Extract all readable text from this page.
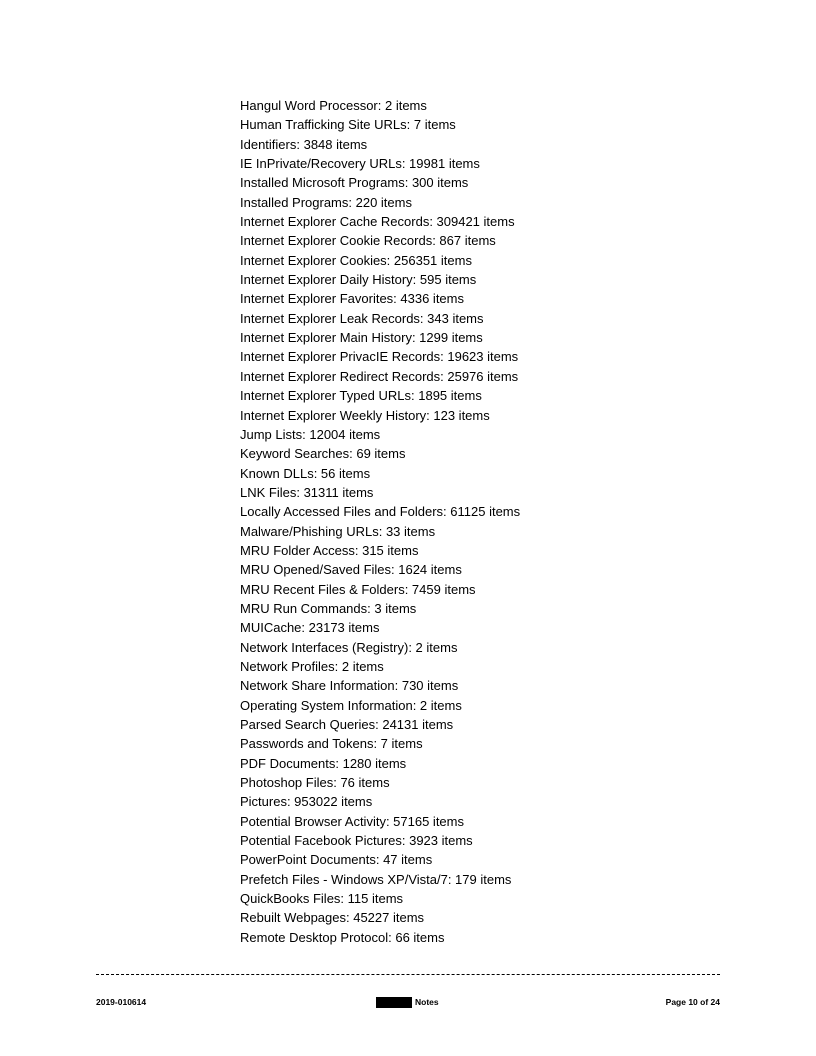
Hangul Word Processor: 2 items
Human Trafficking Site URLs: 7 items
Identifiers: 3848 items
IE InPrivate/Recovery URLs: 19981 items
Installed Microsoft Programs: 300 items
Installed Programs: 220 items
Internet Explorer Cache Records: 309421 items
Internet Explorer Cookie Records: 867 items
Internet Explorer Cookies: 256351 items
Internet Explorer Daily History: 595 items
Internet Explorer Favorites: 4336 items
Internet Explorer Leak Records: 343 items
Internet Explorer Main History: 1299 items
Internet Explorer PrivacIE Records: 19623 items
Internet Explorer Redirect Records: 25976 items
Internet Explorer Typed URLs: 1895 items
Internet Explorer Weekly History: 123 items
Jump Lists: 12004 items
Keyword Searches: 69 items
Known DLLs: 56 items
LNK Files: 31311 items
Locally Accessed Files and Folders: 61125 items
Malware/Phishing URLs: 33 items
MRU Folder Access: 315 items
MRU Opened/Saved Files: 1624 items
MRU Recent Files & Folders: 7459 items
MRU Run Commands: 3 items
MUICache: 23173 items
Network Interfaces (Registry): 2 items
Network Profiles: 2 items
Network Share Information: 730 items
Operating System Information: 2 items
Parsed Search Queries: 24131 items
Passwords and Tokens: 7 items
PDF Documents: 1280 items
Photoshop Files: 76 items
Pictures: 953022 items
Potential Browser Activity: 57165 items
Potential Facebook Pictures: 3923 items
PowerPoint Documents: 47 items
Prefetch Files - Windows XP/Vista/7: 179 items
QuickBooks Files: 115 items
Rebuilt Webpages: 45227 items
Remote Desktop Protocol: 66 items
2019-010614	Notes	Page 10 of 24
